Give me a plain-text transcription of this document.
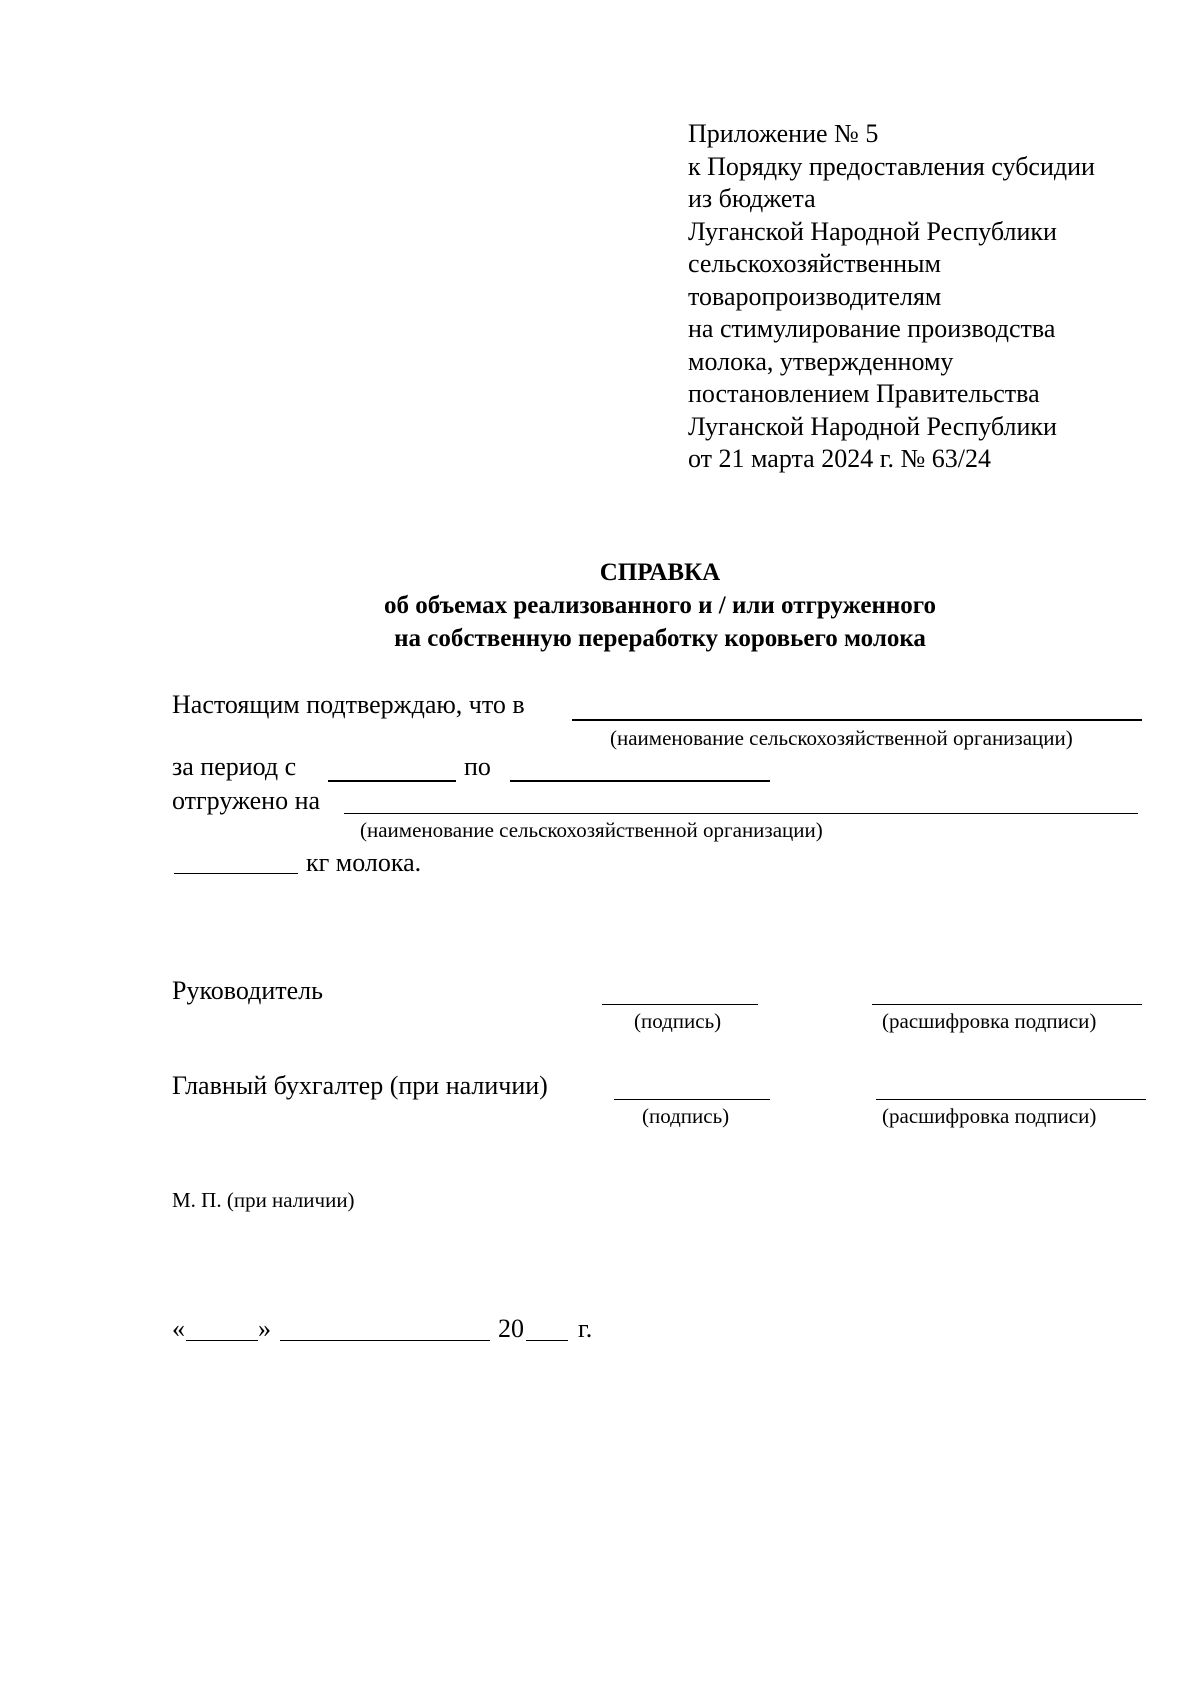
Приложение № 5
к Порядку предоставления субсидии
из бюджета
Луганской Народной Республики
сельскохозяйственным
товаропроизводителям
на стимулирование производства
молока, утвержденному
постановлением Правительства
Луганской Народной Республики
от 21 марта 2024 г. № 63/24
СПРАВКА
об объемах реализованного и / или отгруженного
на собственную переработку коровьего молока
Настоящим подтверждаю, что в
(наименование сельскохозяйственной организации)
за период с	по
отгружено на
(наименование сельскохозяйственной организации)
кг молока.
Руководитель
(подпись)	(расшифровка подписи)
Главный бухгалтер (при наличии)
(подпись)	(расшифровка подписи)
М. П. (при наличии)
«	»	20 г.
